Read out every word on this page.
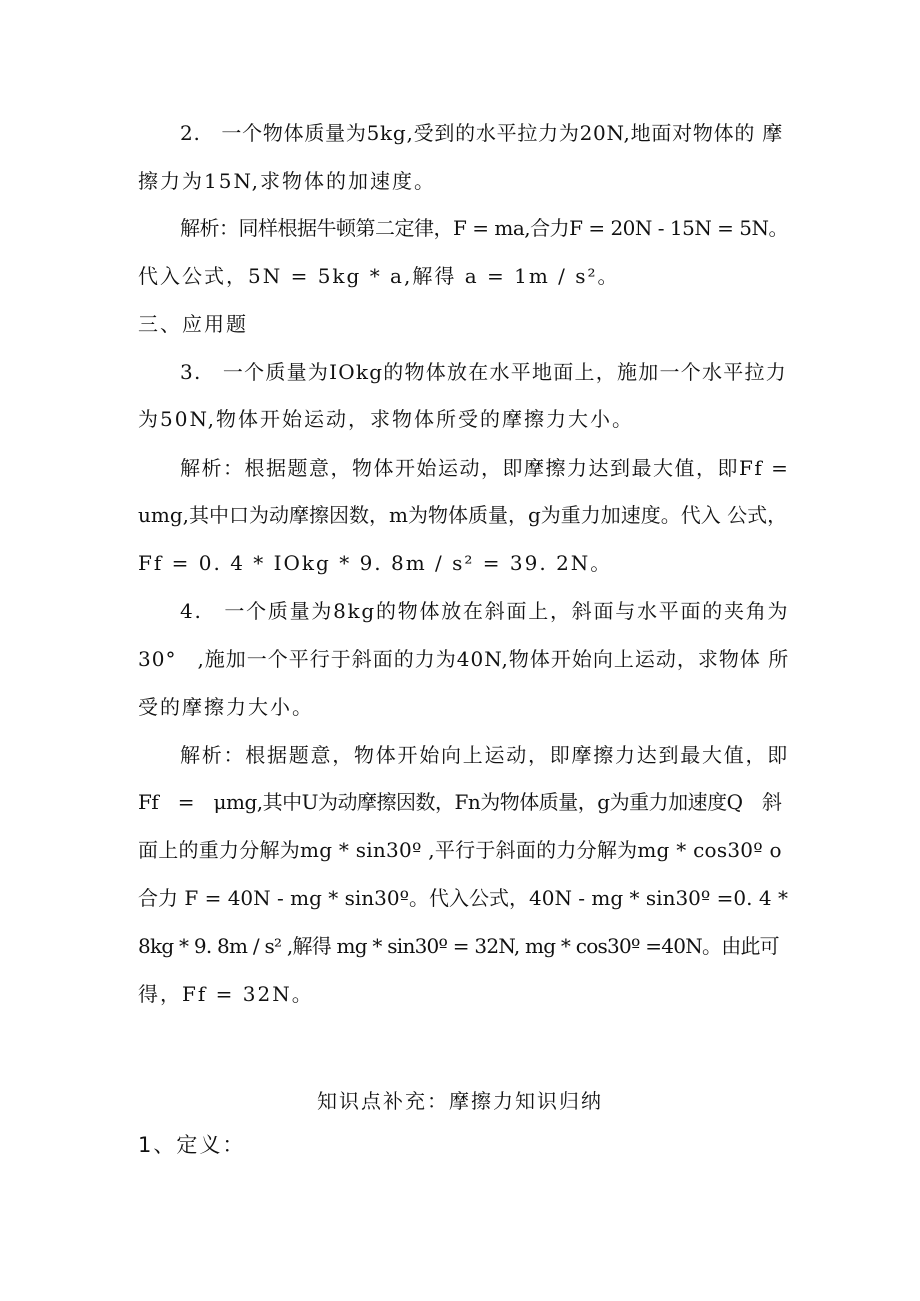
2.　一个物体质量为5kg,受到的水平拉力为20N,地面对物体的 摩
擦力为15N,求物体的加速度。
解析：同样根据牛顿第二定律，F = ma,合力F = 20N - 15N = 5N。
代入公式，5N = 5kg * a,解得 a = 1m / s²。
三、应用题
3.　一个质量为IOkg的物体放在水平地面上，施加一个水平拉力
为50N,物体开始运动，求物体所受的摩擦力大小。
解析：根据题意，物体开始运动，即摩擦力达到最大值，即Ff =
umg,其中口为动摩擦因数，m为物体质量，g为重力加速度。代入 公式，
Ff = 0. 4 * IOkg * 9. 8m / s² = 39. 2N。
4.　一个质量为8kg的物体放在斜面上，斜面与水平面的夹角为
30°　,施加一个平行于斜面的力为40N,物体开始向上运动，求物体 所
受的摩擦力大小。
解析：根据题意，物体开始向上运动，即摩擦力达到最大值，即
Ff　=　μmg,其中U为动摩擦因数，Fn为物体质量，g为重力加速度Q　斜
面上的重力分解为mg * sin30º ,平行于斜面的力分解为mg * cos30º o
合力 F = 40N - mg * sin30º。代入公式，40N - mg * sin30º =0. 4 *
8kg * 9. 8m / s² ,解得 mg * sin30º = 32N, mg * cos30º =40N。由此可
得，Ff = 32N。
知识点补充：摩擦力知识归纳
1、定义：
